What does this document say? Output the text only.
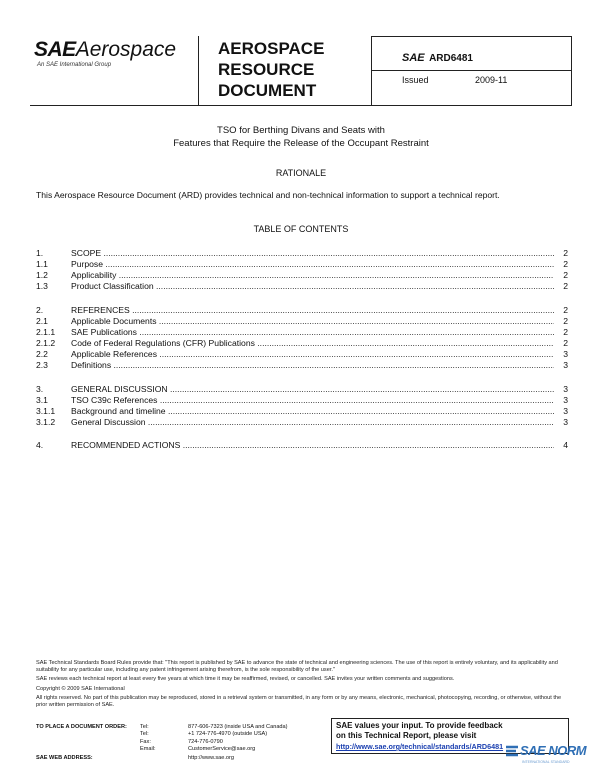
SAEAerospace
An SAE International Group
AEROSPACE
RESOURCE
DOCUMENT
SAE ARD6481
Issued	2009-11
TSO for Berthing Divans and Seats with
Features that Require the Release of the Occupant Restraint
RATIONALE
This Aerospace Resource Document (ARD) provides technical and non-technical information to support a technical report.
TABLE OF CONTENTS
1.	SCOPE .....	2
1.1	Purpose .....	2
1.2	Applicability .....	2
1.3	Product Classification .....	2
2.	REFERENCES .....	2
2.1	Applicable Documents .....	2
2.1.1 SAE Publications .....	2
2.1.2 Code of Federal Regulations (CFR) Publications .....	2
2.2	Applicable References .....	3
2.3	Definitions .....	3
3.	GENERAL DISCUSSION .....	3
3.1	TSO C39c References .....	3
3.1.1 Background and timeline .....	3
3.1.2 General Discussion .....	3
4.	RECOMMENDED ACTIONS .....	4
SAE Technical Standards Board Rules provide that: "This report is published by SAE to advance the state of technical and engineering sciences. The use of this report is entirely voluntary, and its applicability and suitability for any particular use, including any patent infringement arising therefrom, is the sole responsibility of the user."
SAE reviews each technical report at least every five years at which time it may be reaffirmed, revised, or cancelled. SAE invites your written comments and suggestions.
Copyright © 2009 SAE International
All rights reserved. No part of this publication may be reproduced, stored in a retrieval system or transmitted, in any form or by any means, electronic, mechanical, photocopying, recording, or otherwise, without the prior written permission of SAE.
TO PLACE A DOCUMENT ORDER: Tel:	877-606-7323 (inside USA and Canada)
Tel:	+1 724-776-4970 (outside USA)
Fax:	724-776-0790
Email:	CustomerService@sae.org
SAE WEB ADDRESS:	http://www.sae.org
SAE values your input. To provide feedback
on this Technical Report, please visit
http://www.sae.org/technical/standards/ARD6481	SAE NORM
INTERNATIONAL STANDARD
